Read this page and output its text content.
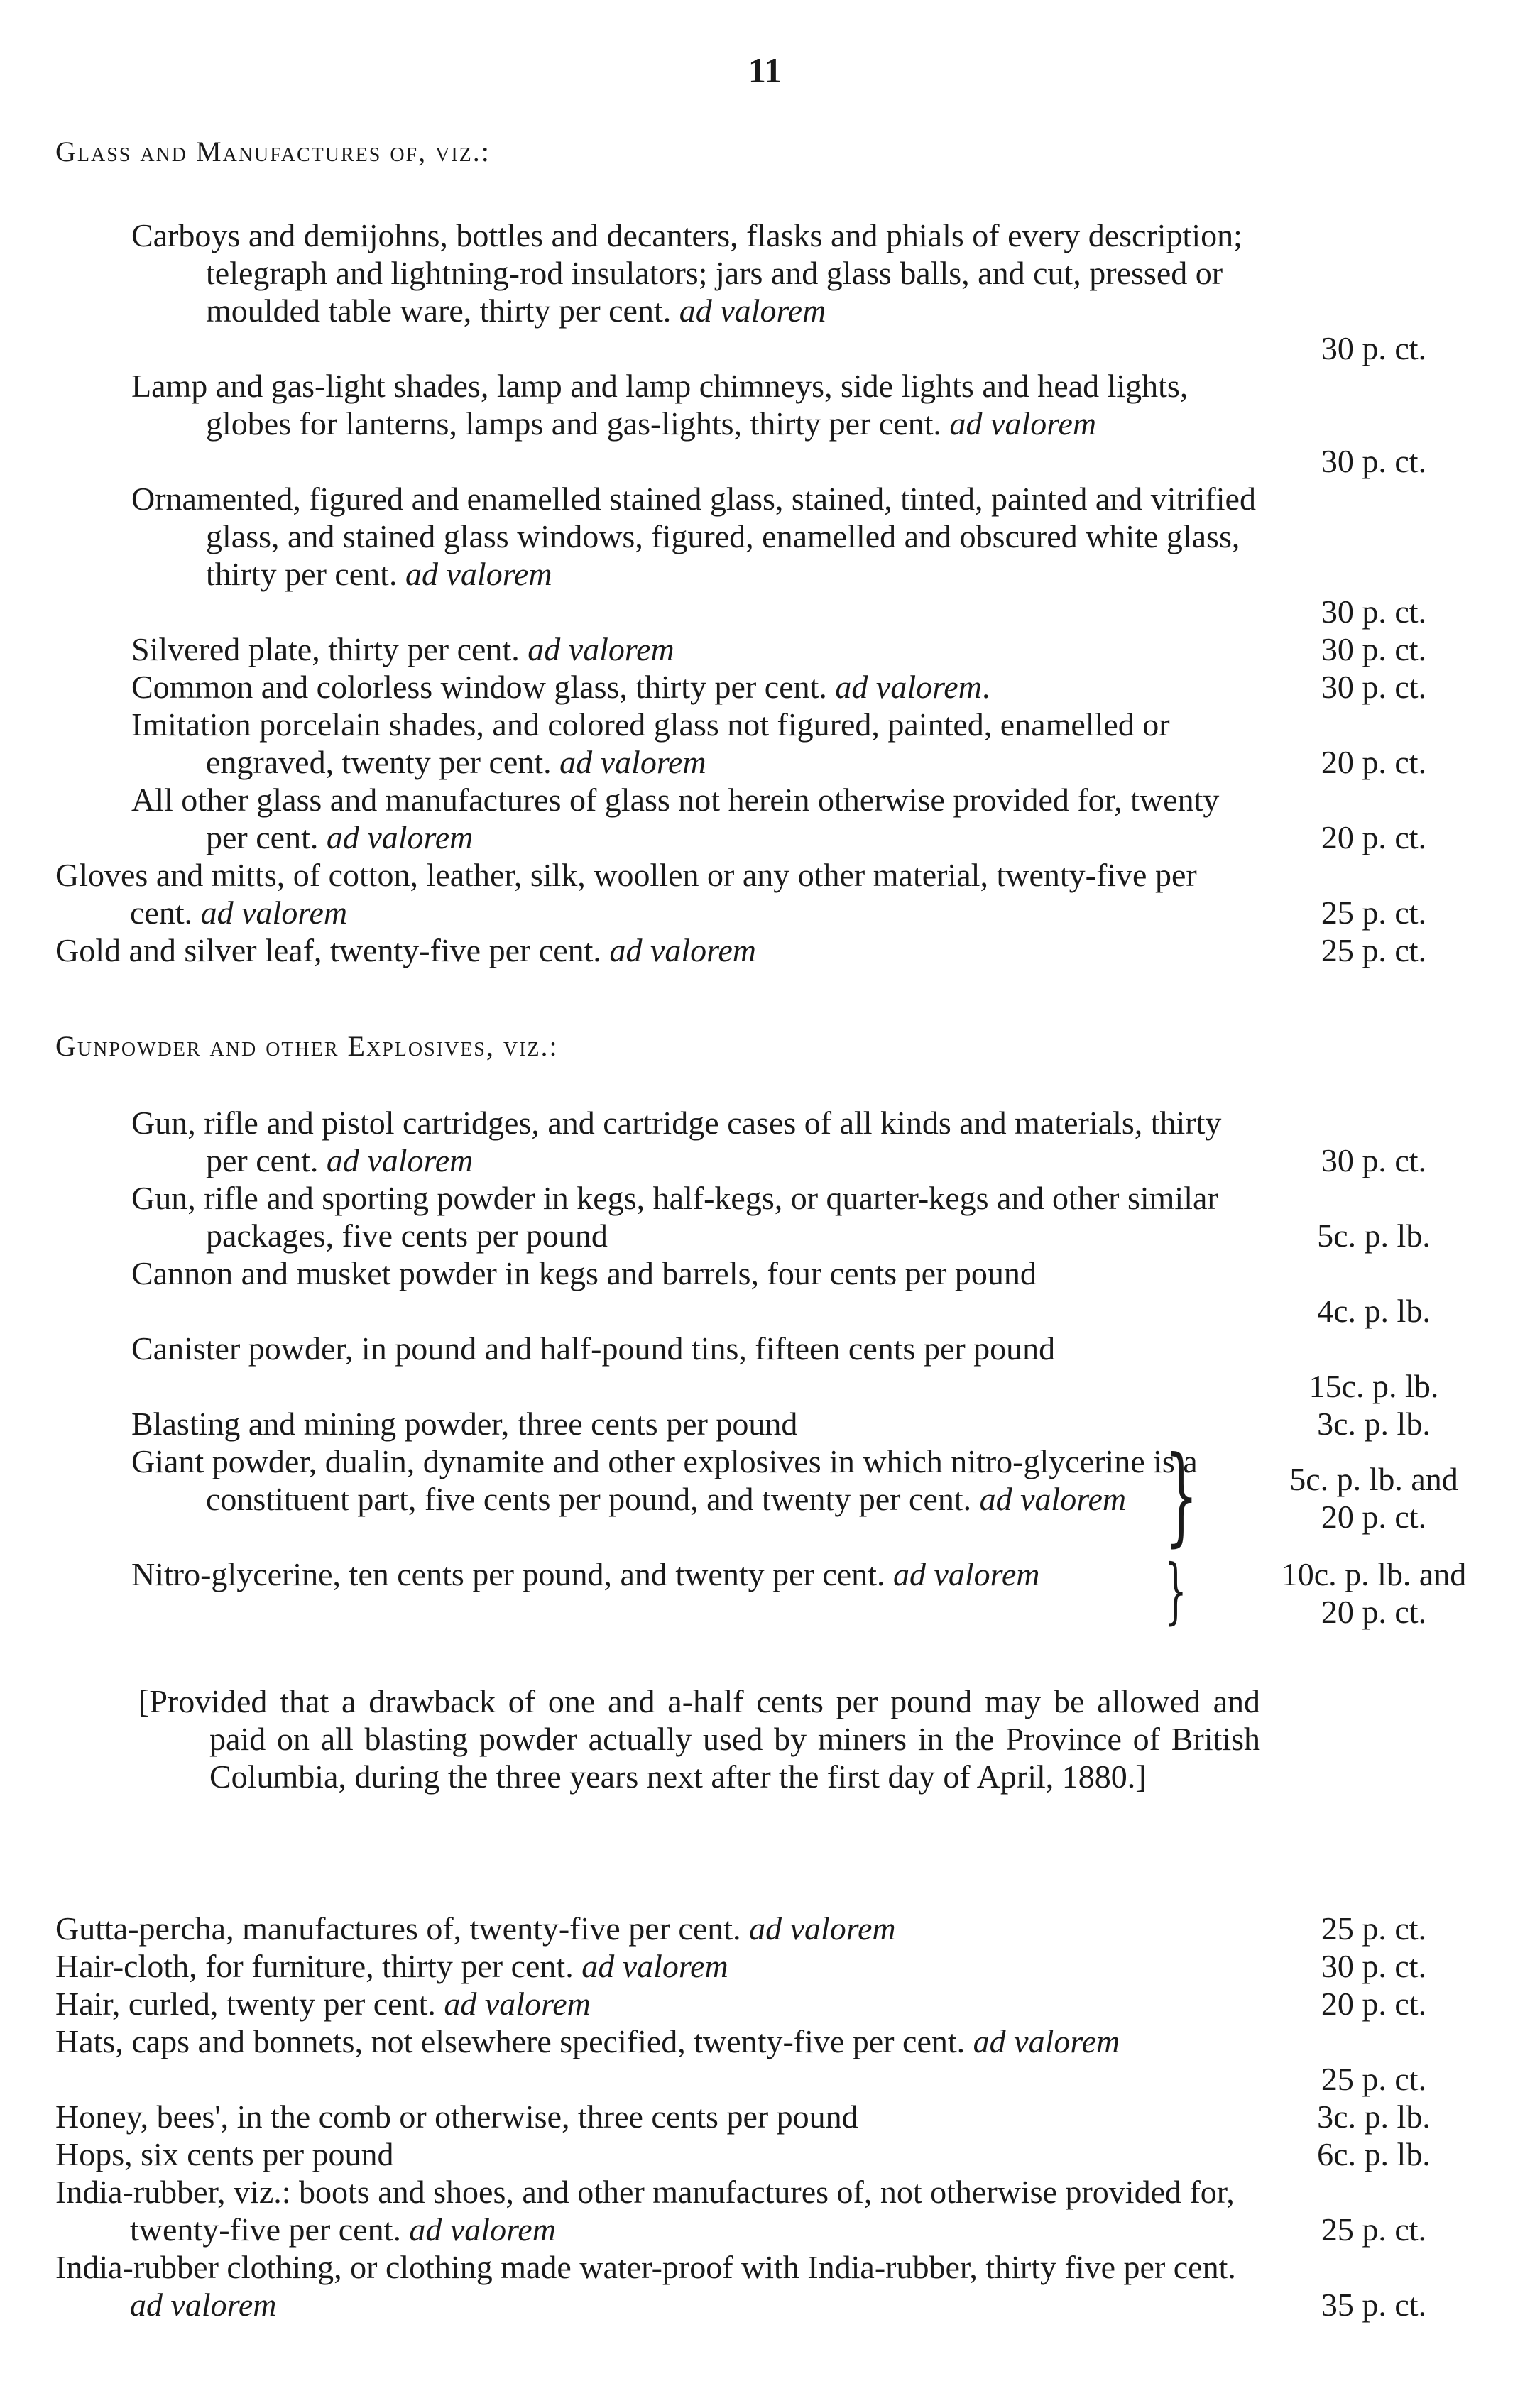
11
Glass and Manufactures of, viz.:
Carboys and demijohns, bottles and decanters, flasks and phials of every description; telegraph and lightning-rod insulators; jars and glass balls, and cut, pressed or moulded table ware, thirty per cent. ad valorem
30 p. ct.
Lamp and gas-light shades, lamp and lamp chimneys, side lights and head lights, globes for lanterns, lamps and gas-lights, thirty per cent. ad valorem
30 p. ct.
Ornamented, figured and enamelled stained glass, stained, tinted, painted and vitrified glass, and stained glass windows, figured, enamelled and obscured white glass, thirty per cent. ad valorem
30 p. ct.
Silvered plate, thirty per cent. ad valorem	30 p. ct.
Common and colorless window glass, thirty per cent. ad valorem.	30 p. ct.
Imitation porcelain shades, and colored glass not figured, painted, enamelled or engraved, twenty per cent. ad valorem	20 p. ct.
All other glass and manufactures of glass not herein otherwise provided for, twenty per cent. ad valorem	20 p. ct.
Gloves and mitts, of cotton, leather, silk, woollen or any other material, twenty-five per cent. ad valorem	25 p. ct.
Gold and silver leaf, twenty-five per cent. ad valorem	25 p. ct.
Gunpowder and other Explosives, viz.:
Gun, rifle and pistol cartridges, and cartridge cases of all kinds and materials, thirty per cent. ad valorem	30 p. ct.
Gun, rifle and sporting powder in kegs, half-kegs, or quarter-kegs and other similar packages, five cents per pound	5c. p. lb.
Cannon and musket powder in kegs and barrels, four cents per pound
4c. p. lb.
Canister powder, in pound and half-pound tins, fifteen cents per pound
15c. p. lb.
Blasting and mining powder, three cents per pound	3c. p. lb.
Giant powder, dualin, dynamite and other explosives in which nitro-glycerine is a constituent part, five cents per pound, and twenty per cent. ad valorem }	5c. p. lb. and
20 p. ct.
Nitro-glycerine, ten cents per pound, and twenty per cent. ad valorem	}	10c. p. lb. and
20 p. ct.
[Provided that a drawback of one and a-half cents per pound may be allowed and paid on all blasting powder actually used by miners in the Province of British Columbia, during the three years next after the first day of April, 1880.]
Gutta-percha, manufactures of, twenty-five per cent. ad valorem	25 p. ct.
Hair-cloth, for furniture, thirty per cent. ad valorem	30 p. ct.
Hair, curled, twenty per cent. ad valorem	20 p. ct.
Hats, caps and bonnets, not elsewhere specified, twenty-five per cent. ad valorem
25 p. ct.
Honey, bees', in the comb or otherwise, three cents per pound	3c. p. lb.
Hops, six cents per pound	6c. p. lb.
India-rubber, viz.: boots and shoes, and other manufactures of, not otherwise provided for, twenty-five per cent. ad valorem	25 p. ct.
India-rubber clothing, or clothing made water-proof with India-rubber, thirty five per cent. ad valorem	35 p. ct.
